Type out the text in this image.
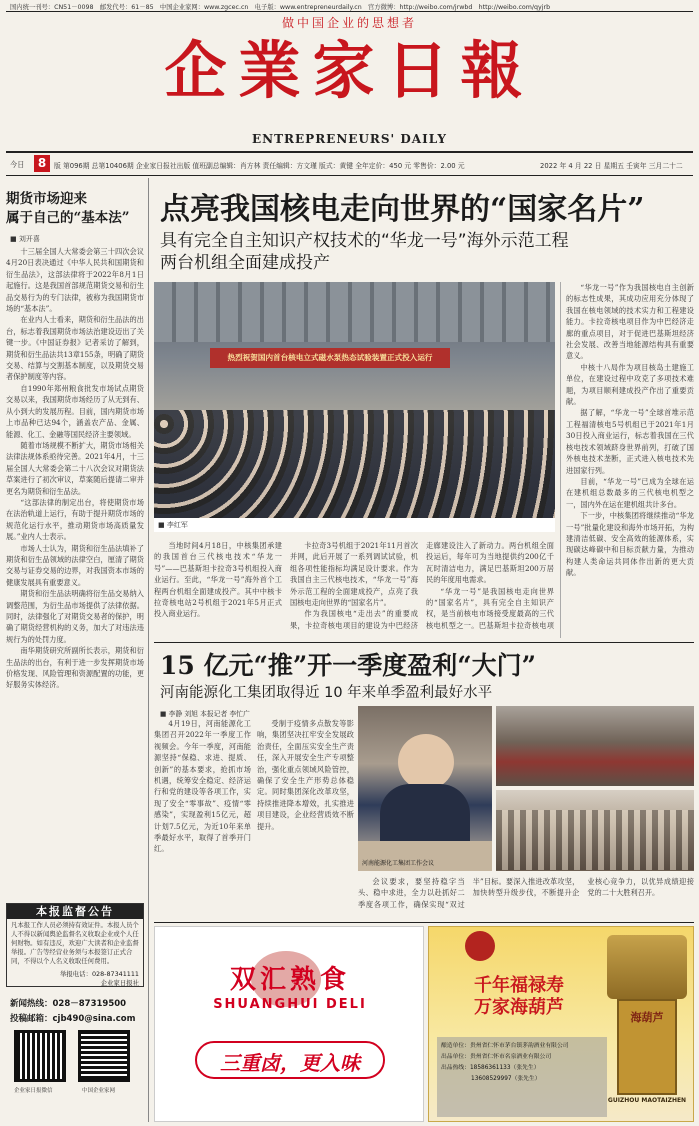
国内统一刊号：CN51－0098　邮发代号：61－85　中国企业家网：www.zgcec.cn　电子版：www.entrepreneurdaily.cn　官方微博：http://weibo.com/jrwbd　http://weibo.com/qyjrb
做中国企业的思想者
企業家日報
ENTREPRENEURS' DAILY
今日	8	版 第096期 总第10406期 企业家日报社出版 值班副总编辑：肖方林 责任编辑：方文瑾 版式：黄键 全年定价：450 元 零售价：2.00 元	2022 年 4 月 22 日 星期五 壬寅年 三月二十二
期货市场迎来
属于自己的“基本法”
■ 刘开喜

十三届全国人大常委会第三十四次会议4月20日表决通过《中华人民共和国期货和衍生品法》，这部法律将于2022年8月1日起施行。这是我国首部规范期货交易和衍生品交易行为的专门法律，被称为我国期货市场的“基本法”。

在业内人士看来，期货和衍生品法的出台，标志着我国期货市场法治建设迈出了关键一步。《中国证券报》记者采访了解到，期货和衍生品法共13章155条，明确了期货交易、结算与交割基本制度，以及期货交易者保护制度等内容。

自1990年郑州粮食批发市场试点期货交易以来，我国期货市场经历了从无到有、从小到大的发展历程。目前，国内期货市场上市品种已达94个，涵盖农产品、金属、能源、化工、金融等国民经济主要领域。

随着市场规模不断扩大，期货市场相关法律法规体系亟待完善。2021年4月，十三届全国人大常委会第二十八次会议对期货法草案进行了初次审议，草案随后提请二审并更名为期货和衍生品法。

“这部法律的制定出台，将使期货市场在法治轨道上运行，有助于提升期货市场的规范化运行水平，推动期货市场高质量发展。”业内人士表示。

市场人士认为，期货和衍生品法填补了期货和衍生品领域的法律空白，厘清了期货交易与证券交易的边界，对我国资本市场的健康发展具有重要意义。

期货和衍生品法明确将衍生品交易纳入调整范围，为衍生品市场提供了法律依据。同时，法律强化了对期货交易者的保护，明确了期货经营机构的义务，加大了对违法违规行为的处罚力度。

南华期货研究所副所长表示，期货和衍生品法的出台，有利于进一步发挥期货市场价格发现、风险管理和资源配置的功能，更好服务实体经济。

本报监督公告
凡本报工作人员必须持有效证件。本报人员个人不得以新闻舆论监督名义收取企业或个人任何财物。如有违反，欢迎广大读者和企业监督举报。广告等经营业务须与本报签订正式合同，不得以个人名义收取任何费用。
举报电话：028-87341111
企业家日报社
新闻热线：028－87319500
投稿邮箱：cjb490@sina.com
企业家日报微信	中国企业家网
点亮我国核电走向世界的“国家名片”
具有完全自主知识产权技术的“华龙一号”海外示范工程
两台机组全面建成投产
热烈祝贺国内首台核电立式磁水泵热态试验装置正式投入运行
■ 李红军

当地时间4月18日，中核集团承建的我国首台三代核电技术“华龙一号”——巴基斯坦卡拉奇3号机组投入商业运行。至此，“华龙一号”海外首个工程两台机组全面建成投产。其中中核卡拉奇核电站2号机组于2021年5月正式投入商业运行。

卡拉奇3号机组于2021年11月首次并网，此后开展了一系列调试试验，机组各项性能指标均满足设计要求。作为我国自主三代核电技术，“华龙一号”海外示范工程的全面建成投产，点亮了我国核电走向世界的“国家名片”。

作为我国核电“走出去”的重要成果，卡拉奇核电项目的建设为中巴经济走廊建设注入了新动力。两台机组全面投运后，每年可为当地提供约200亿千瓦时清洁电力，满足巴基斯坦200万居民的年度用电需求。

“华龙一号”是我国核电走向世界的“国家名片”，具有完全自主知识产权，是当前核电市场接受度最高的三代核电机型之一。巴基斯坦卡拉奇核电项

“华龙一号”作为我国核电自主创新的标志性成果，其成功应用充分体现了我国在核电领域的技术实力和工程建设能力。卡拉奇核电项目作为中巴经济走廊的重点项目，对于促进巴基斯坦经济社会发展、改善当地能源结构具有重要意义。

中核十八局作为项目核岛土建施工单位，在建设过程中攻克了多项技术难题，为项目顺利建成投产作出了重要贡献。

据了解，“华龙一号”全球首堆示范工程福清核电5号机组已于2021年1月30日投入商业运行，标志着我国在三代核电技术领域跻身世界前列，打破了国外核电技术垄断，正式进入核电技术先进国家行列。

目前，“华龙一号”已成为全球在运在建机组总数最多的三代核电机型之一，国内外在运在建机组共计多台。

下一步，中核集团将继续推动“华龙一号”批量化建设和海外市场开拓，为构建清洁低碳、安全高效的能源体系，实现碳达峰碳中和目标贡献力量，为推动构建人类命运共同体作出新的更大贡献。

15 亿元“推”开一季度盈利“大门”
河南能源化工集团取得近 10 年来单季盈利最好水平
■ 李静 刘旭 本报记者 李忙广

4月19日，河南能源化工集团召开2022年一季度工作视频会。今年一季度，河南能源坚持“保稳、求进、提质、创新”的基本要求，抢抓市场机遇，统筹安全稳定、经济运行和党的建设等各项工作，实现了安全“零事故”、疫情“零感染”，实现盈利15亿元，超计划7.5亿元，为近10年来单季最好水平，取得了首季开门红。

受制于疫情多点散发等影响，集团坚决扛牢安全发展政治责任，全面压实安全生产责任，深入开展安全生产专项整治，强化重点领域风险管控，确保了安全生产形势总体稳定。同时集团深化改革攻坚，持续推进降本增效，扎实推进项目建设，企业经营质效不断提升。

河南能源化工集团工作会议

会议要求，要坚持稳字当头、稳中求进，全力以赴抓好二季度各项工作，确保实现“双过半”目标。要深入推进改革攻坚，加快转型升级步伐，不断提升企业核心竞争力，以优异成绩迎接党的二十大胜利召开。

双汇熟食
SHUANGHUI DELI
三重卤，更入味
千年福禄寿
万家海葫芦	海葫芦
GUIZHOU MAOTAIZHEN
酿造单位：贵州省仁怀市茅台镇茅韵酒业有限公司
出品单位：贵州省仁怀市名泉酒业有限公司
出品热线：18586361133（张先生）
13608529997（张先生）
